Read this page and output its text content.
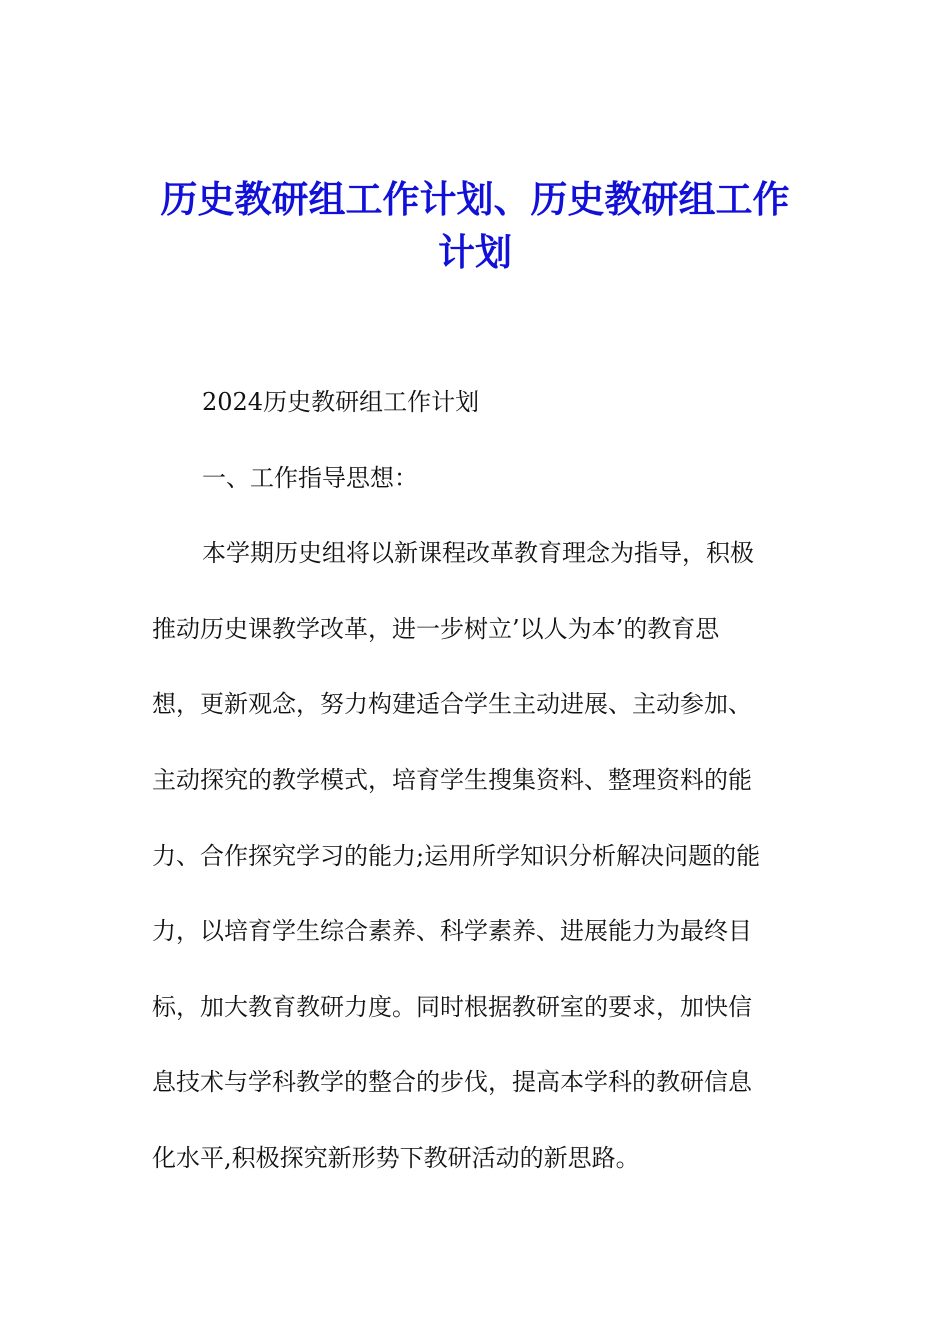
历史教研组工作计划、历史教研组工作
计划
2024历史教研组工作计划
一、工作指导思想：
本学期历史组将以新课程改革教育理念为指导，积极
推动历史课教学改革，进一步树立’以人为本’的教育思
想，更新观念，努力构建适合学生主动进展、主动参加、
主动探究的教学模式，培育学生搜集资料、整理资料的能
力、合作探究学习的能力;运用所学知识分析解决问题的能
力，以培育学生综合素养、科学素养、进展能力为最终目
标，加大教育教研力度。同时根据教研室的要求，加快信
息技术与学科教学的整合的步伐，提高本学科的教研信息
化水平,积极探究新形势下教研活动的新思路。
